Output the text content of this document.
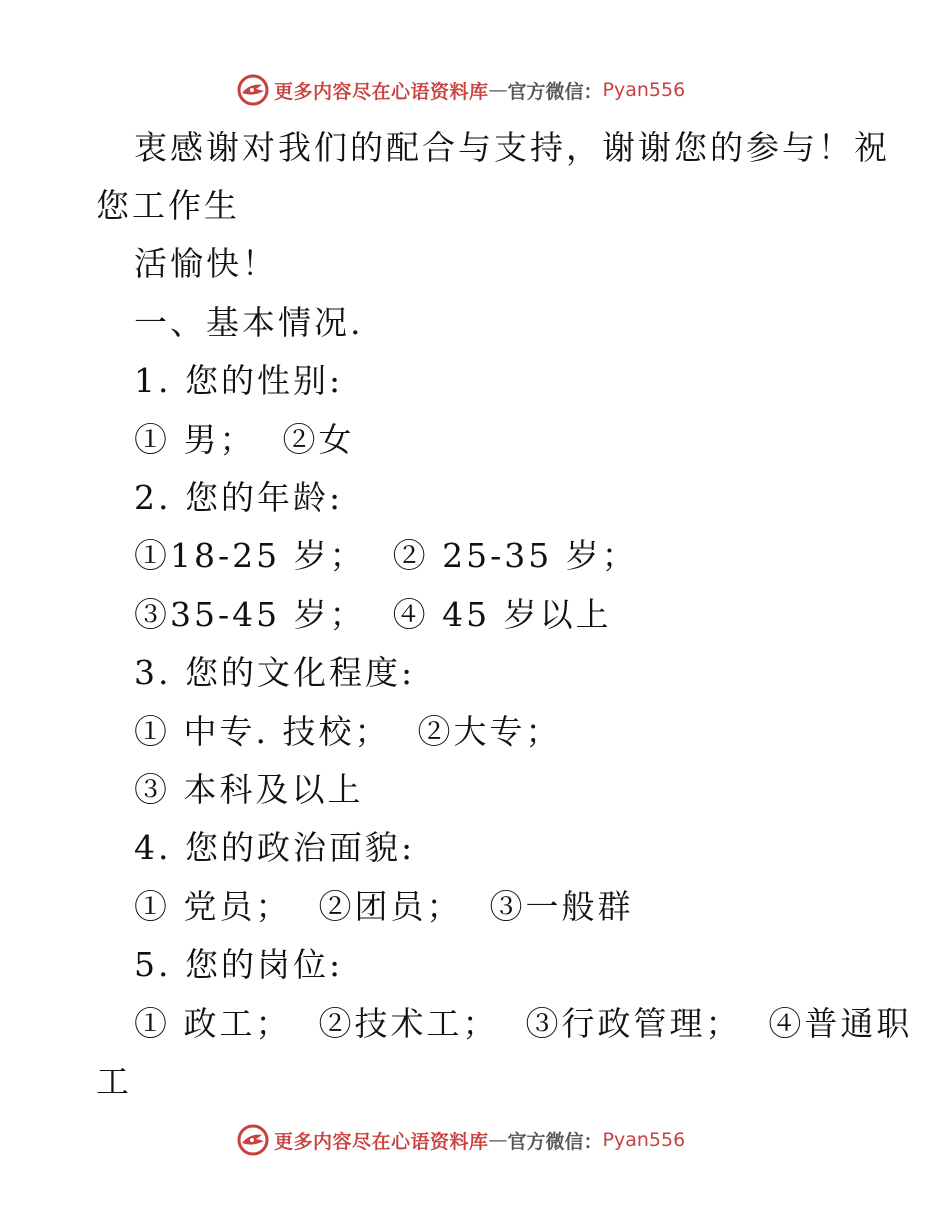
更多内容尽在心语资料库 — 官方微信： Pyan556
衷感谢对我们的配合与支持，谢谢您的参与！祝
您工作生
活愉快！
一、基本情况.
1. 您的性别:
① 男；  ②女
2. 您的年龄:
①18-25 岁；  ② 25-35 岁；
③35-45 岁；  ④ 45 岁以上
3. 您的文化程度:
① 中专. 技校；  ②大专；
③ 本科及以上
4. 您的政治面貌:
① 党员；  ②团员；  ③一般群
5. 您的岗位:
① 政工；  ②技术工；  ③行政管理；  ④普通职
工
更多内容尽在心语资料库 — 官方微信： Pyan556
